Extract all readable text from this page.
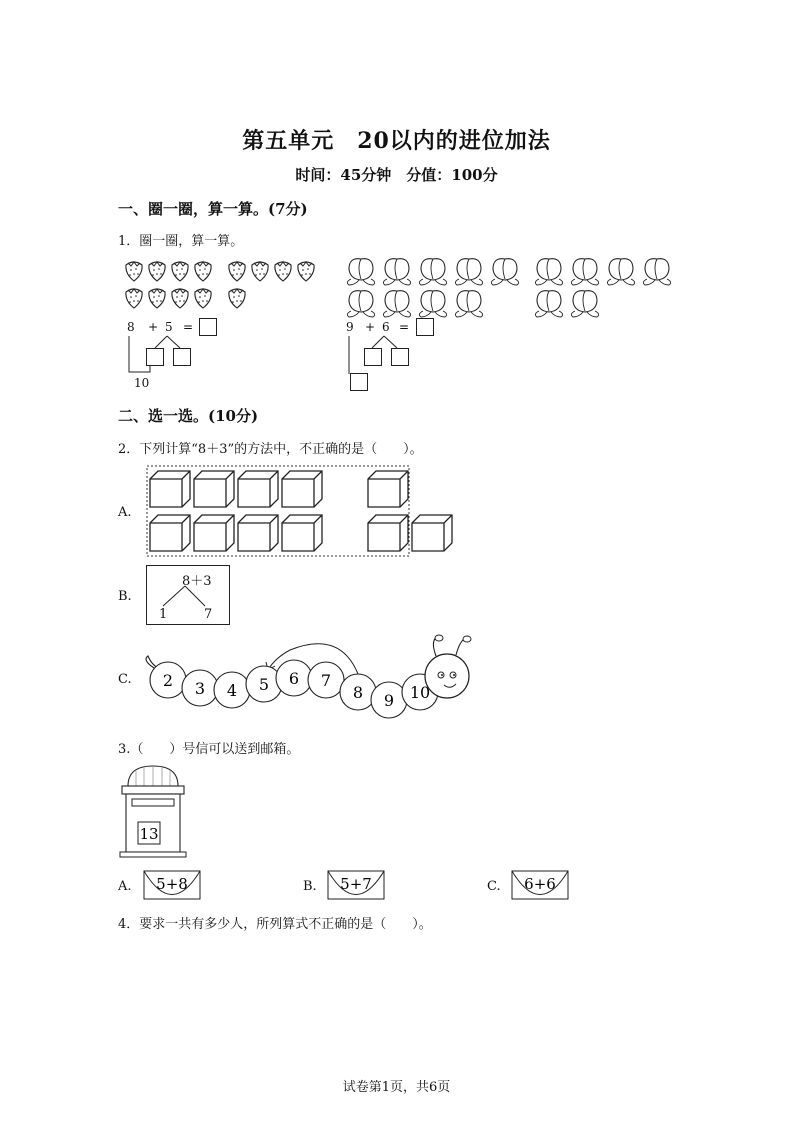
第五单元　20以内的进位加法
时间：45分钟　分值：100分
一、圈一圈，算一算。(7分)
1．圈一圈，算一算。
8 + 5 =
10
9 + 6 =
二、选一选。(10分)
2．下列计算“8＋3”的方法中，不正确的是（　　）。
A.
B.
8＋3
1	7
C. 2 3 4 5 6 7
8 9 10
3.（　　）号信可以送到邮箱。
13
A. 5+8	B. 5+7	C. 6+6
4．要求一共有多少人，所列算式不正确的是（　　）。
试卷第1页，共6页
